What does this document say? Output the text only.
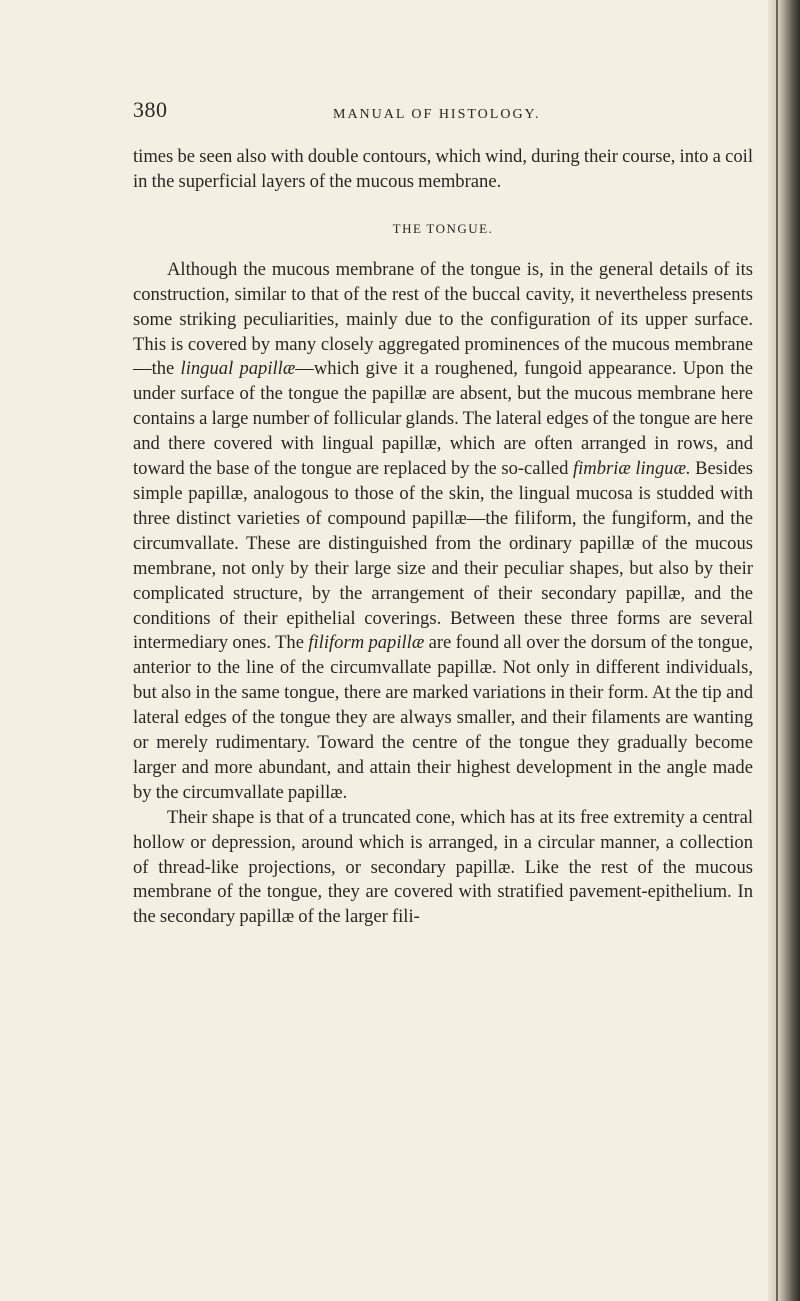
380	MANUAL OF HISTOLOGY.

times be seen also with double contours, which wind, during their course, into a coil in the superficial layers of the mucous membrane.

THE TONGUE.

Although the mucous membrane of the tongue is, in the general details of its construction, similar to that of the rest of the buccal cavity, it nevertheless presents some striking peculiarities, mainly due to the configuration of its upper surface. This is covered by many closely aggregated prominences of the mucous membrane—the lingual papillæ—which give it a roughened, fungoid appearance. Upon the under surface of the tongue the papillæ are absent, but the mucous membrane here contains a large number of follicular glands. The lateral edges of the tongue are here and there covered with lingual papillæ, which are often arranged in rows, and toward the base of the tongue are replaced by the so-called fimbriæ linguæ. Besides simple papillæ, analogous to those of the skin, the lingual mucosa is studded with three distinct varieties of compound papillæ—the filiform, the fungiform, and the circumvallate. These are distinguished from the ordinary papillæ of the mucous membrane, not only by their large size and their peculiar shapes, but also by their complicated structure, by the arrangement of their secondary papillæ, and the conditions of their epithelial coverings. Between these three forms are several intermediary ones. The filiform papillæ are found all over the dorsum of the tongue, anterior to the line of the circumvallate papillæ. Not only in different individuals, but also in the same tongue, there are marked variations in their form. At the tip and lateral edges of the tongue they are always smaller, and their filaments are wanting or merely rudimentary. Toward the centre of the tongue they gradually become larger and more abundant, and attain their highest development in the angle made by the circumvallate papillæ.

Their shape is that of a truncated cone, which has at its free extremity a central hollow or depression, around which is arranged, in a circular manner, a collection of thread-like projections, or secondary papillæ. Like the rest of the mucous membrane of the tongue, they are covered with stratified pavement-epithelium. In the secondary papillæ of the larger fili-
